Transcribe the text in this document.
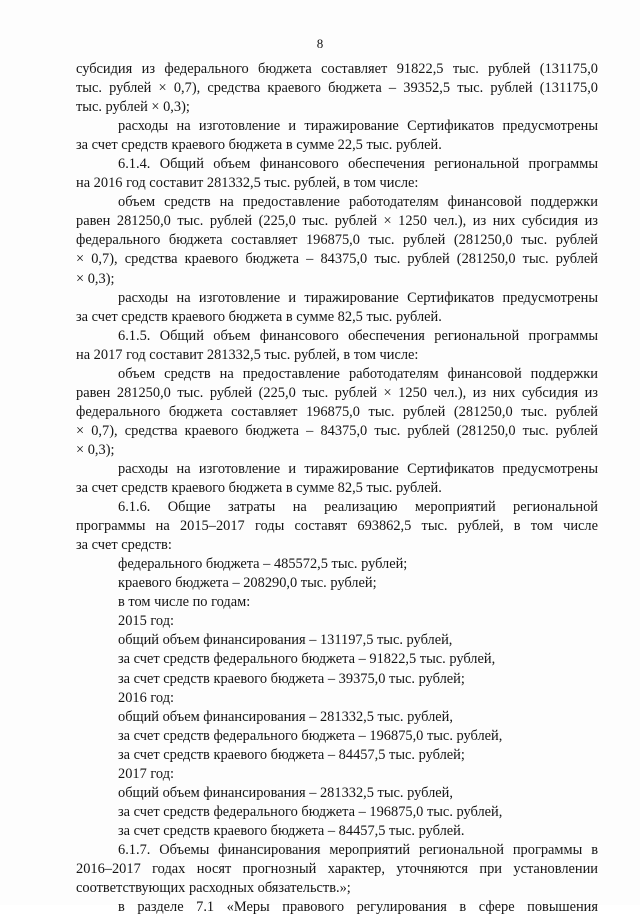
8
субсидия из федерального бюджета составляет 91822,5 тыс. рублей (131175,0
тыс. рублей × 0,7), средства краевого бюджета – 39352,5 тыс. рублей (131175,0
тыс. рублей × 0,3);
расходы на изготовление и тиражирование Сертификатов предусмотрены
за счет средств краевого бюджета в сумме 22,5 тыс. рублей.
6.1.4. Общий объем финансового обеспечения региональной программы
на 2016 год составит 281332,5 тыс. рублей, в том числе:
объем средств на предоставление работодателям финансовой поддержки
равен 281250,0 тыс. рублей (225,0 тыс. рублей × 1250 чел.), из них субсидия из
федерального бюджета составляет 196875,0 тыс. рублей (281250,0 тыс. рублей
× 0,7), средства краевого бюджета – 84375,0 тыс. рублей (281250,0 тыс. рублей
× 0,3);
расходы на изготовление и тиражирование Сертификатов предусмотрены
за счет средств краевого бюджета в сумме 82,5 тыс. рублей.
6.1.5. Общий объем финансового обеспечения региональной программы
на 2017 год составит 281332,5 тыс. рублей, в том числе:
объем средств на предоставление работодателям финансовой поддержки
равен 281250,0 тыс. рублей (225,0 тыс. рублей × 1250 чел.), из них субсидия из
федерального бюджета составляет 196875,0 тыс. рублей (281250,0 тыс. рублей
× 0,7), средства краевого бюджета – 84375,0 тыс. рублей (281250,0 тыс. рублей
× 0,3);
расходы на изготовление и тиражирование Сертификатов предусмотрены
за счет средств краевого бюджета в сумме 82,5 тыс. рублей.
6.1.6. Общие затраты на реализацию мероприятий региональной
программы на 2015–2017 годы составят 693862,5 тыс. рублей, в том числе
за счет средств:
федерального бюджета – 485572,5 тыс. рублей;
краевого бюджета – 208290,0 тыс. рублей;
в том числе по годам:
2015 год:
общий объем финансирования – 131197,5 тыс. рублей,
за счет средств федерального бюджета – 91822,5 тыс. рублей,
за счет средств краевого бюджета – 39375,0 тыс. рублей;
2016 год:
общий объем финансирования – 281332,5 тыс. рублей,
за счет средств федерального бюджета – 196875,0 тыс. рублей,
за счет средств краевого бюджета – 84457,5 тыс. рублей;
2017 год:
общий объем финансирования – 281332,5 тыс. рублей,
за счет средств федерального бюджета – 196875,0 тыс. рублей,
за счет средств краевого бюджета – 84457,5 тыс. рублей.
6.1.7. Объемы финансирования мероприятий региональной программы в
2016–2017 годах носят прогнозный характер, уточняются при установлении
соответствующих расходных обязательств.»;
в разделе 7.1 «Меры правового регулирования в сфере повышения
